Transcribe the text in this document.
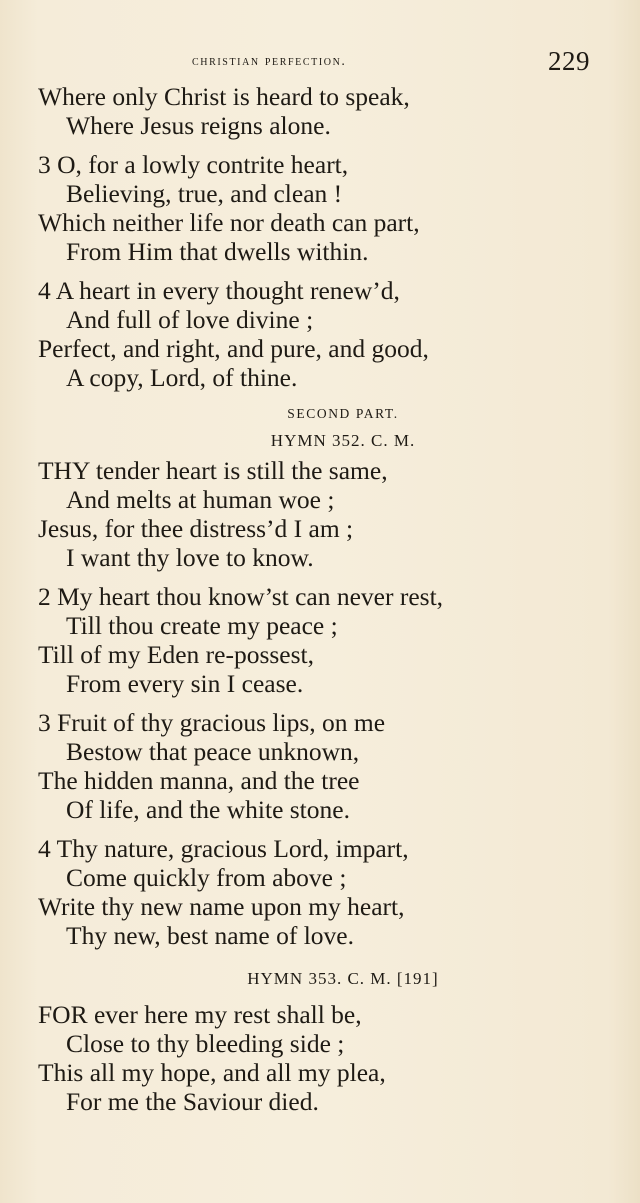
christian perfection.	229
Where only Christ is heard to speak,
Where Jesus reigns alone.
3 O, for a lowly contrite heart,
Believing, true, and clean !
Which neither life nor death can part,
From Him that dwells within.
4 A heart in every thought renew’d,
And full of love divine ;
Perfect, and right, and pure, and good,
A copy, Lord, of thine.
SECOND PART.
HYMN 352. C. M.
THY tender heart is still the same,
And melts at human woe ;
Jesus, for thee distress’d I am ;
I want thy love to know.
2 My heart thou know’st can never rest,
Till thou create my peace ;
Till of my Eden re-possest,
From every sin I cease.
3 Fruit of thy gracious lips, on me
Bestow that peace unknown,
The hidden manna, and the tree
Of life, and the white stone.
4 Thy nature, gracious Lord, impart,
Come quickly from above ;
Write thy new name upon my heart,
Thy new, best name of love.
HYMN 353. C. M. [191]
FOR ever here my rest shall be,
Close to thy bleeding side ;
This all my hope, and all my plea,
For me the Saviour died.
